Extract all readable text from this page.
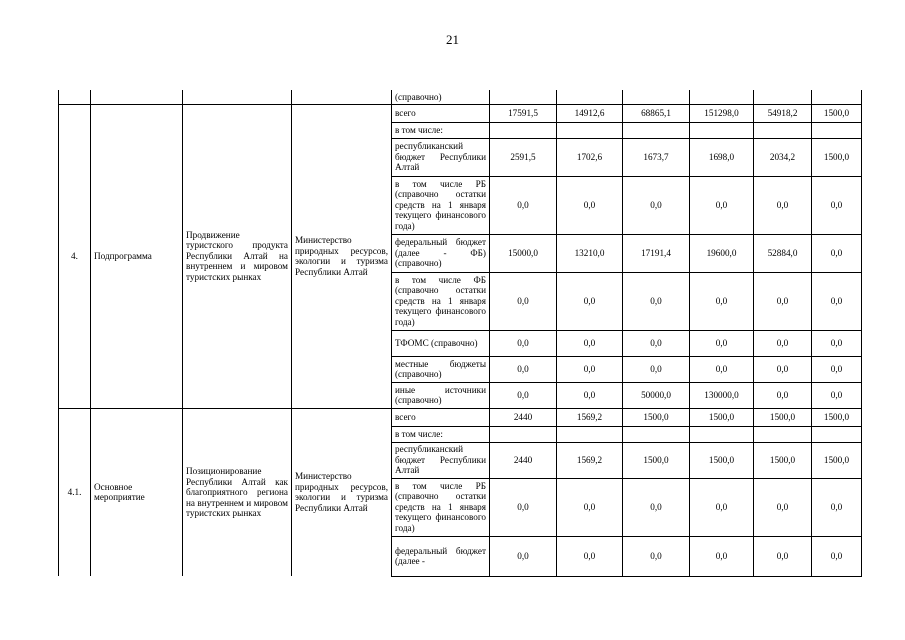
21
				(справочно)						
4.	Подпрограмма	Продвижение туристского продукта Республики Алтай на внутреннем и мировом туристских рынках	Министерство природных ресурсов, экологии и туризма Республики Алтай	всего	17591,5	14912,6	68865,1	151298,0	54918,2	1500,0
				в том числе:						
				республиканский бюджет Республики Алтай	2591,5	1702,6	1673,7	1698,0	2034,2	1500,0
				в том числе РБ (справочно остатки средств на 1 января текущего финансового года)	0,0	0,0	0,0	0,0	0,0	0,0
				федеральный бюджет (далее - ФБ) (справочно)	15000,0	13210,0	17191,4	19600,0	52884,0	0,0
				в том числе ФБ (справочно остатки средств на 1 января текущего финансового года)	0,0	0,0	0,0	0,0	0,0	0,0
				ТФОМС (справочно)	0,0	0,0	0,0	0,0	0,0	0,0
				местные бюджеты (справочно)	0,0	0,0	0,0	0,0	0,0	0,0
				иные источники (справочно)	0,0	0,0	50000,0	130000,0	0,0	0,0
4.1.	Основное мероприятие	Позиционирование Республики Алтай как благоприятного региона на внутреннем и мировом туристских рынках	Министерство природных ресурсов, экологии и туризма Республики Алтай	всего	2440	1569,2	1500,0	1500,0	1500,0	1500,0
				в том числе:						
				республиканский бюджет Республики Алтай	2440	1569,2	1500,0	1500,0	1500,0	1500,0
				в том числе РБ (справочно остатки средств на 1 января текущего финансового года)	0,0	0,0	0,0	0,0	0,0	0,0
				федеральный бюджет (далее -	0,0	0,0	0,0	0,0	0,0	0,0
